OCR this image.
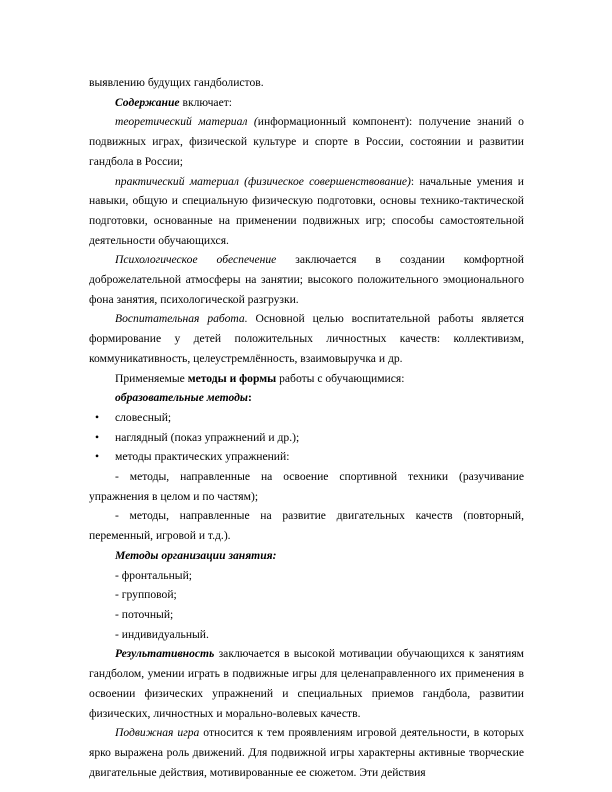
выявлению будущих гандболистов.

Содержание включает:

теоретический материал (информационный компонент): получение знаний о подвижных играх, физической культуре и спорте в России, состоянии и развитии гандбола в России;

практический материал (физическое совершенствование): начальные умения и навыки, общую и специальную физическую подготовки, основы технико-тактической подготовки, основанные на применении подвижных игр; способы самостоятельной деятельности обучающихся.

Психологическое обеспечение заключается в создании комфортной доброжелательной атмосферы на занятии; высокого положительного эмоционального фона занятия, психологической разгрузки.

Воспитательная работа. Основной целью воспитательной работы является формирование у детей положительных личностных качеств: коллективизм, коммуникативность, целеустремлённость, взаимовыручка и др.

Применяемые методы и формы работы с обучающимися:

образовательные методы:

• словесный;
• наглядный (показ упражнений и др.);
• методы практических упражнений:

- методы, направленные на освоение спортивной техники (разучивание упражнения в целом и по частям);

- методы, направленные на развитие двигательных качеств (повторный, переменный, игровой и т.д.).

Методы организации занятия:

- фронтальный;

- групповой;

- поточный;

- индивидуальный.

Результативность заключается в высокой мотивации обучающихся к занятиям гандболом, умении играть в подвижные игры для целенаправленного их применения в освоении физических упражнений и специальных приемов гандбола, развитии физических, личностных и морально-волевых качеств.

Подвижная игра относится к тем проявлениям игровой деятельности, в которых ярко выражена роль движений. Для подвижной игры характерны активные творческие двигательные действия, мотивированные ее сюжетом. Эти действия
